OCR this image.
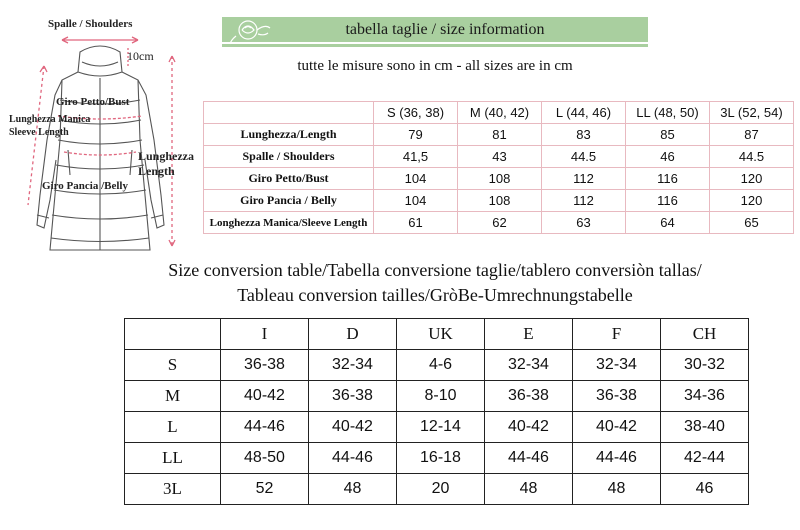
Spalle / Shoulders
10cm
Giro Petto/Bust
Lunghezza Manica
Sleeve Length
Lunghezza
Length
Giro Pancia /Belly
tabella taglie / size information
tutte le misure sono in cm - all sizes are in cm
	S (36, 38)	M (40, 42)	L (44, 46)	LL (48, 50)	3L (52, 54)
Lunghezza/Length	79	81	83	85	87
Spalle / Shoulders	41,5	43	44.5	46	44.5
Giro Petto/Bust	104	108	112	116	120
Giro Pancia / Belly	104	108	112	116	120
Longhezza Manica/Sleeve Length	61	62	63	64	65
Size conversion table/Tabella conversione taglie/tablero conversiòn tallas/
Tableau conversion tailles/GròBe-Umrechnungstabelle
	I	D	UK	E	F	CH
S	36-38	32-34	4-6	32-34	32-34	30-32
M	40-42	36-38	8-10	36-38	36-38	34-36
L	44-46	40-42	12-14	40-42	40-42	38-40
LL	48-50	44-46	16-18	44-46	44-46	42-44
3L	52	48	20	48	48	46
